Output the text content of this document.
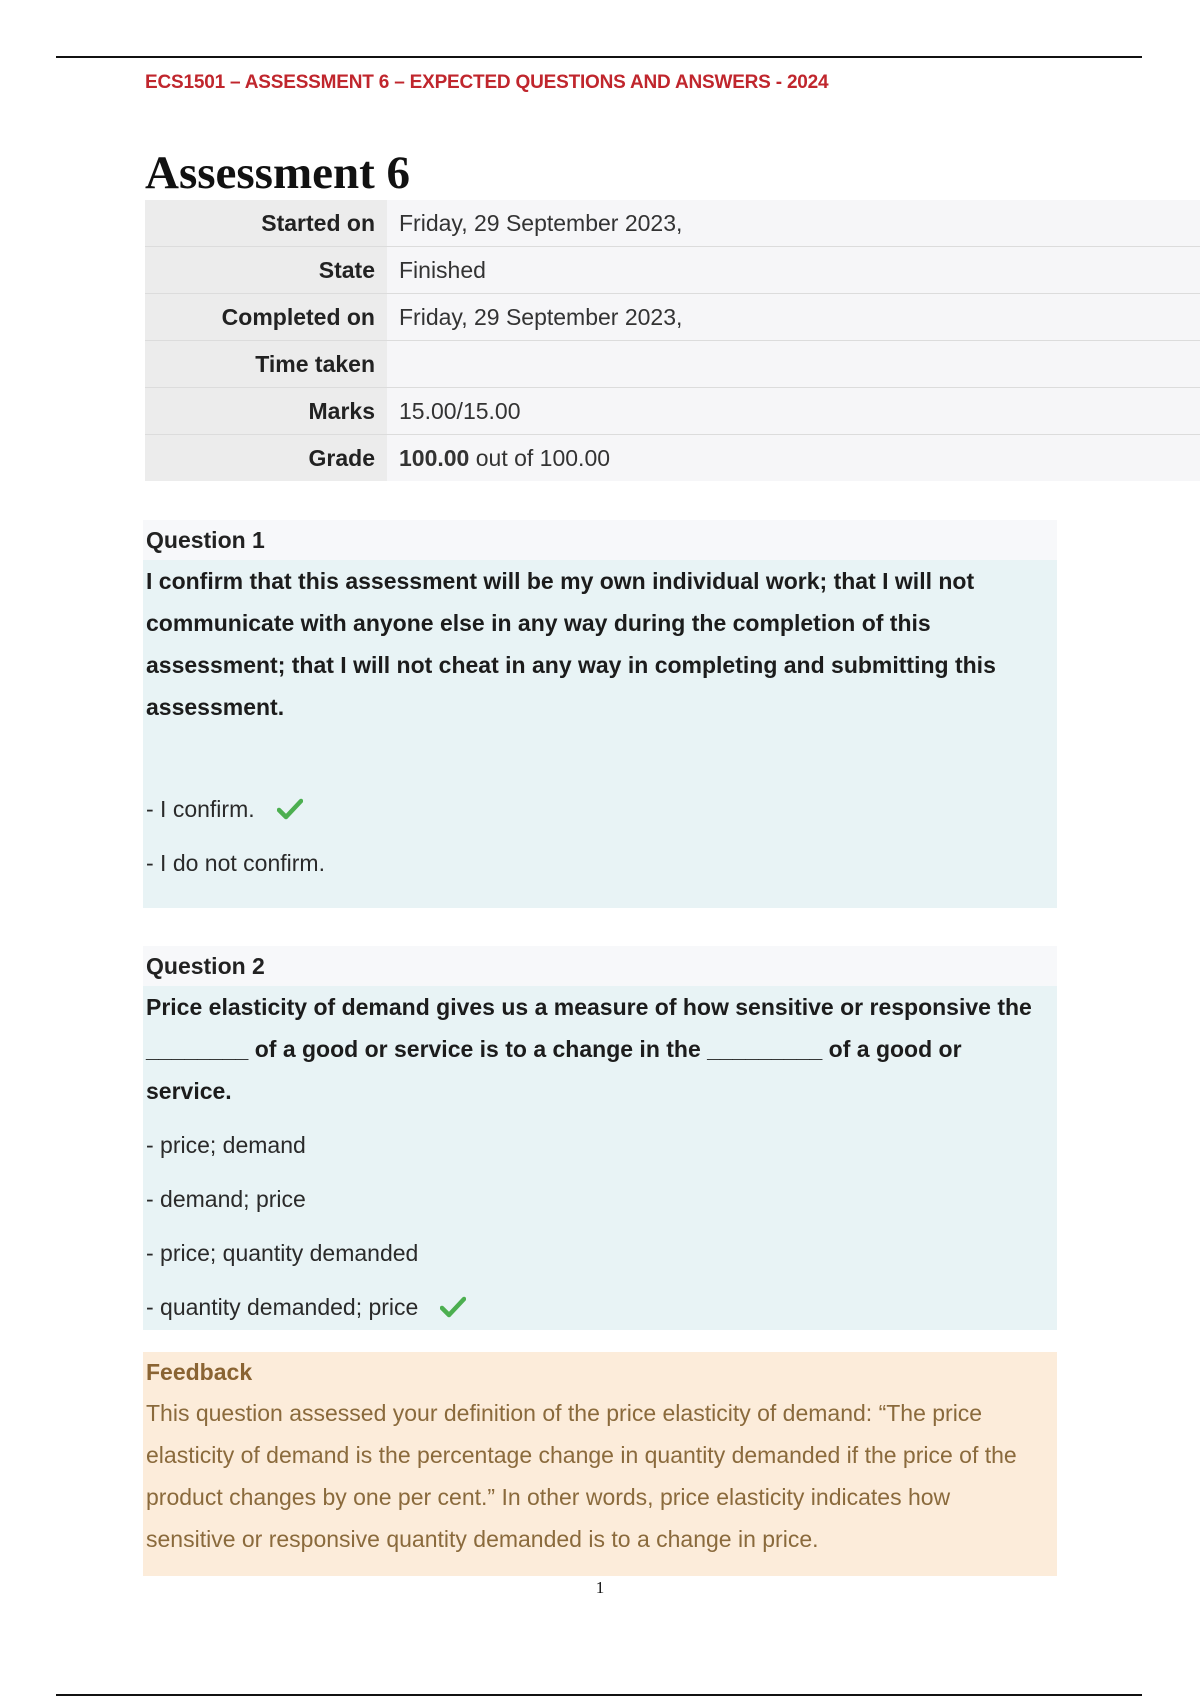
ECS1501 – ASSESSMENT 6 – EXPECTED QUESTIONS AND ANSWERS - 2024
Assessment 6
Started on	Friday, 29 September 2023,
State	Finished
Completed on	Friday, 29 September 2023,
Time taken	
Marks	15.00/15.00
Grade	100.00 out of 100.00
Question 1
I confirm that this assessment will be my own individual work; that I will not communicate with anyone else in any way during the completion of this assessment; that I will not cheat in any way in completing and submitting this assessment.
- I confirm.
- I do not confirm.
Question 2
Price elasticity of demand gives us a measure of how sensitive or responsive the ________ of a good or service is to a change in the _________ of a good or service.
- price; demand
- demand; price
- price; quantity demanded
- quantity demanded; price
Feedback
This question assessed your definition of the price elasticity of demand: “The price elasticity of demand is the percentage change in quantity demanded if the price of the product changes by one per cent.” In other words, price elasticity indicates how sensitive or responsive quantity demanded is to a change in price.
1
